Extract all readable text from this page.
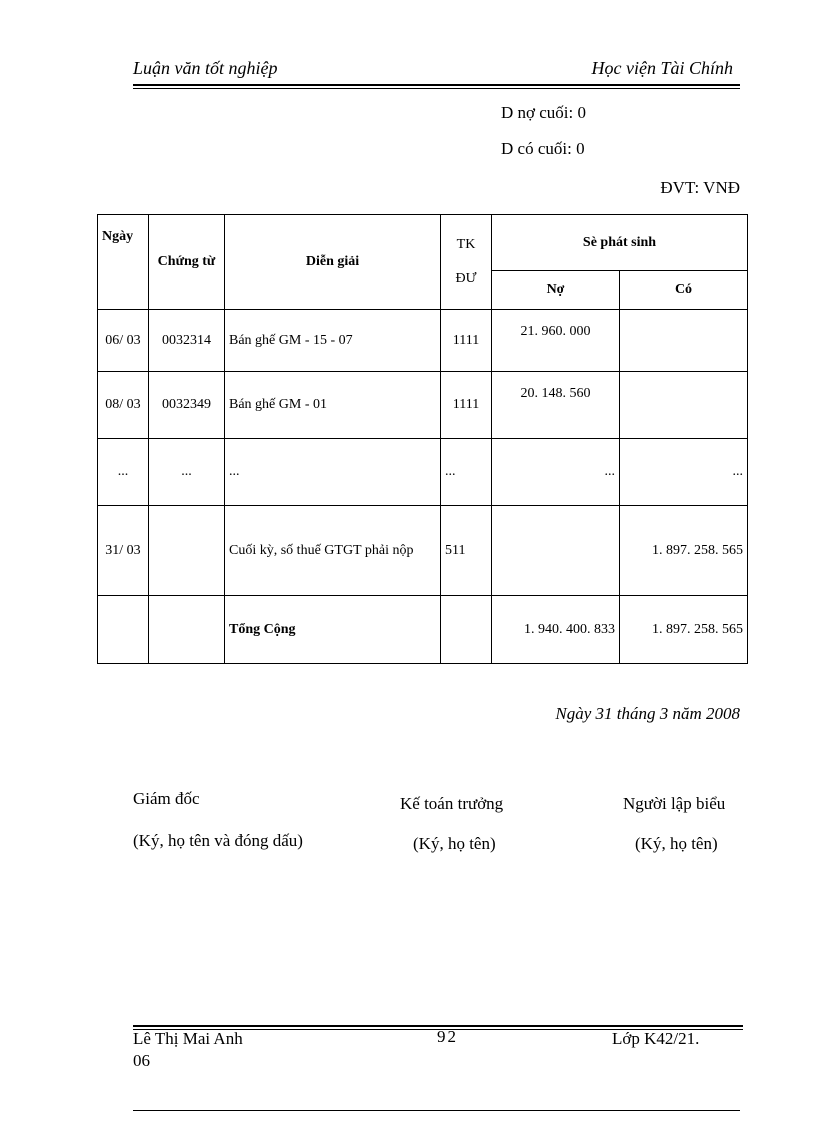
Luận văn tốt nghiệp	Học viện Tài Chính
D nợ cuối: 0
D có cuối: 0
ĐVT: VNĐ
Ngày	Chứng từ	Diễn giải	TK ĐƯ	Sè phát sinh	
				Nợ	Có
06/ 03	0032314	Bán ghế GM - 15 - 07	1111	21. 960. 000	
08/ 03	0032349	Bán ghế GM - 01	1111	20. 148. 560	
...	...	...	...	...	...
31/ 03		Cuối kỳ, số thuế GTGT phải nộp	511		1. 897. 258. 565
		Tổng Cộng		1. 940. 400. 833	1. 897. 258. 565
Ngày 31 tháng 3 năm 2008
Giám đốc
(Ký, họ tên và đóng dấu)
Kế toán trưởng
(Ký, họ tên)
Người lập biểu
(Ký, họ tên)
Lê Thị Mai Anh
06
92	Lớp K42/21.
